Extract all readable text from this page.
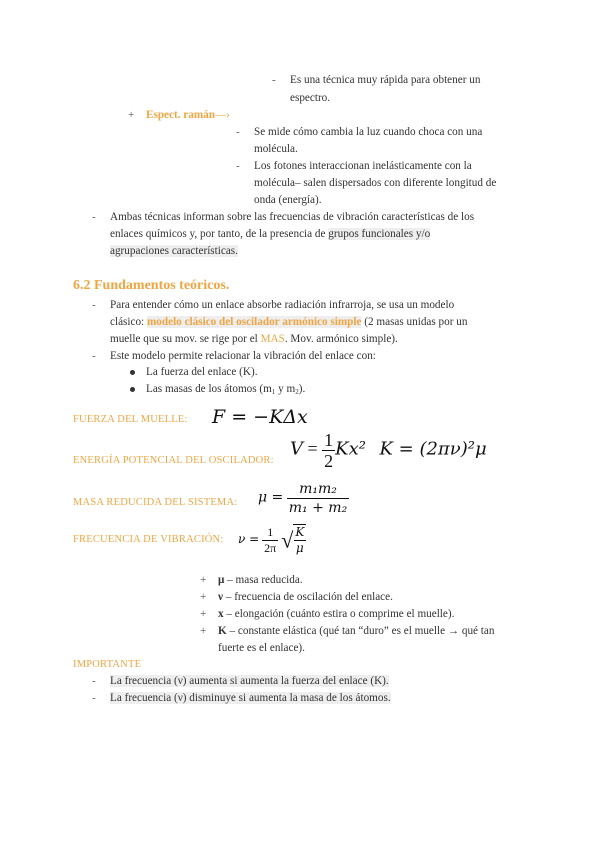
- Es una técnica muy rápida para obtener un
espectro.
+ Espect. ramán—›
- Se mide cómo cambia la luz cuando choca con una
molécula.
- Los fotones interaccionan inelásticamente con la
molécula– salen dispersados con diferente longitud de
onda (energía).
- Ambas técnicas informan sobre las frecuencias de vibración características de los
enlaces químicos y, por tanto, de la presencia de grupos funcionales y/o
agrupaciones características.
6.2 Fundamentos teóricos.
- Para entender cómo un enlace absorbe radiación infrarroja, se usa un modelo
clásico: modelo clásico del oscilador armónico simple (2 masas unidas por un
muelle que su mov. se rige por el MAS. Mov. armónico simple).
- Este modelo permite relacionar la vibración del enlace con:
La fuerza del enlace (K).
Las masas de los átomos ($m_1$ y $m_2$).
FUERZA DEL MUELLE: F = −KΔx
ENERGÍA POTENCIAL DEL OSCILADOR:
$V = \frac{1}{2} Kx^2$ K = (2πν)²μ
MASA REDUCIDA DEL SISTEMA: $\mu = \frac{\text{m₁m₂}}{\text{m₁ + m₂}}$
FRECUENCIA DE VIBRACIÓN: $\nu = \frac{1}{2\pi}$ √ $\frac{K}{\mu}$
+ μ – masa reducida.
+ ν – frecuencia de oscilación del enlace.
+ x – elongación (cuánto estira o comprime el muelle).
+ K – constante elástica (qué tan “duro” es el muelle → qué tan
fuerte es el enlace).
IMPORTANTE
- La frecuencia (ν) aumenta si aumenta la fuerza del enlace (K).
- La frecuencia (ν) disminuye si aumenta la masa de los átomos.
